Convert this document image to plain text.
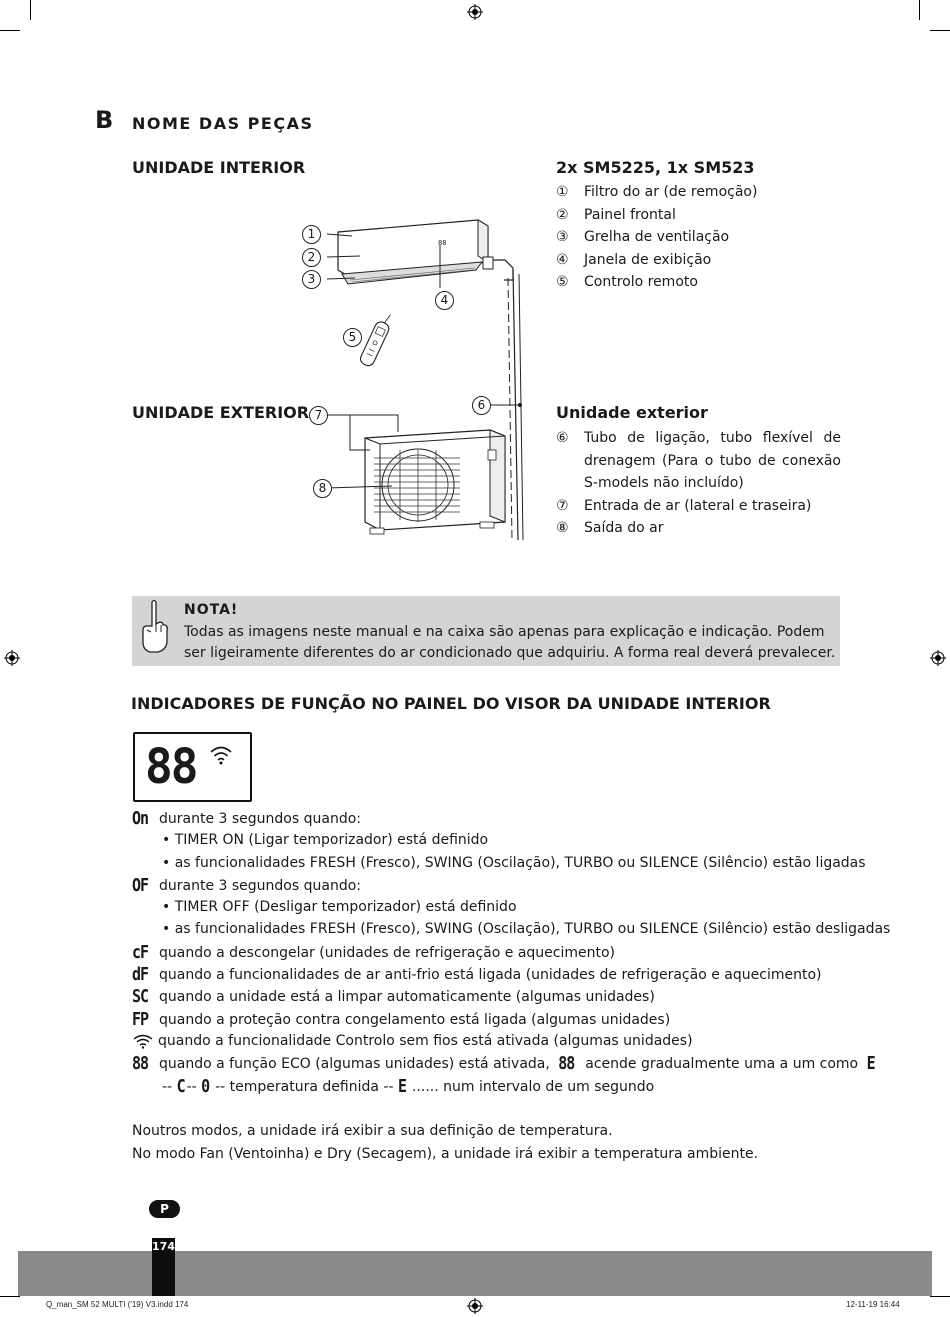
B NOME DAS PEÇAS
UNIDADE INTERIOR	2x SM5225, 1x SM523
①	Filtro do ar (de remoção)
②	Painel frontal
③	Grelha de ventilação
④	Janela de exibição
⑤	Controlo remoto
88
1
2
3
4
5
6
7
8
UNIDADE EXTERIOR	Unidade exterior
⑥	Tubo de ligação, tubo flexível de drenagem (Para o tubo de conexão S-models não incluído)
⑦	Entrada de ar (lateral e traseira)
⑧	Saída do ar
NOTA!
Todas as imagens neste manual e na caixa são apenas para explicação e indicação. Podem ser ligeiramente diferentes do ar condicionado que adquiriu. A forma real deverá prevalecer.
INDICADORES DE FUNÇÃO NO PAINEL DO VISOR DA UNIDADE INTERIOR
88
On durante 3 segundos quando:
• TIMER ON (Ligar temporizador) está definido
• as funcionalidades FRESH (Fresco), SWING (Oscilação), TURBO ou SILENCE (Silêncio) estão ligadas
OF durante 3 segundos quando:
• TIMER OFF (Desligar temporizador) está definido
• as funcionalidades FRESH (Fresco), SWING (Oscilação), TURBO ou SILENCE (Silêncio) estão desligadas
cF quando a descongelar (unidades de refrigeração e aquecimento)
dF quando a funcionalidades de ar anti-frio está ligada (unidades de refrigeração e aquecimento)
SC quando a unidade está a limpar automaticamente (algumas unidades)
FP quando a proteção contra congelamento está ligada (algumas unidades)
quando a funcionalidade Controlo sem fios está ativada (algumas unidades)
88 quando a função ECO (algumas unidades) está ativada, 88 acende gradualmente uma a um como E
-- C -- 0 -- temperatura definida -- E ...... num intervalo de um segundo
Noutros modos, a unidade irá exibir a sua definição de temperatura.
No modo Fan (Ventoinha) e Dry (Secagem), a unidade irá exibir a temperatura ambiente.
P
174
Q_man_SM 52 MULTI ('19) V3.indd 174	12-11-19 16:44
